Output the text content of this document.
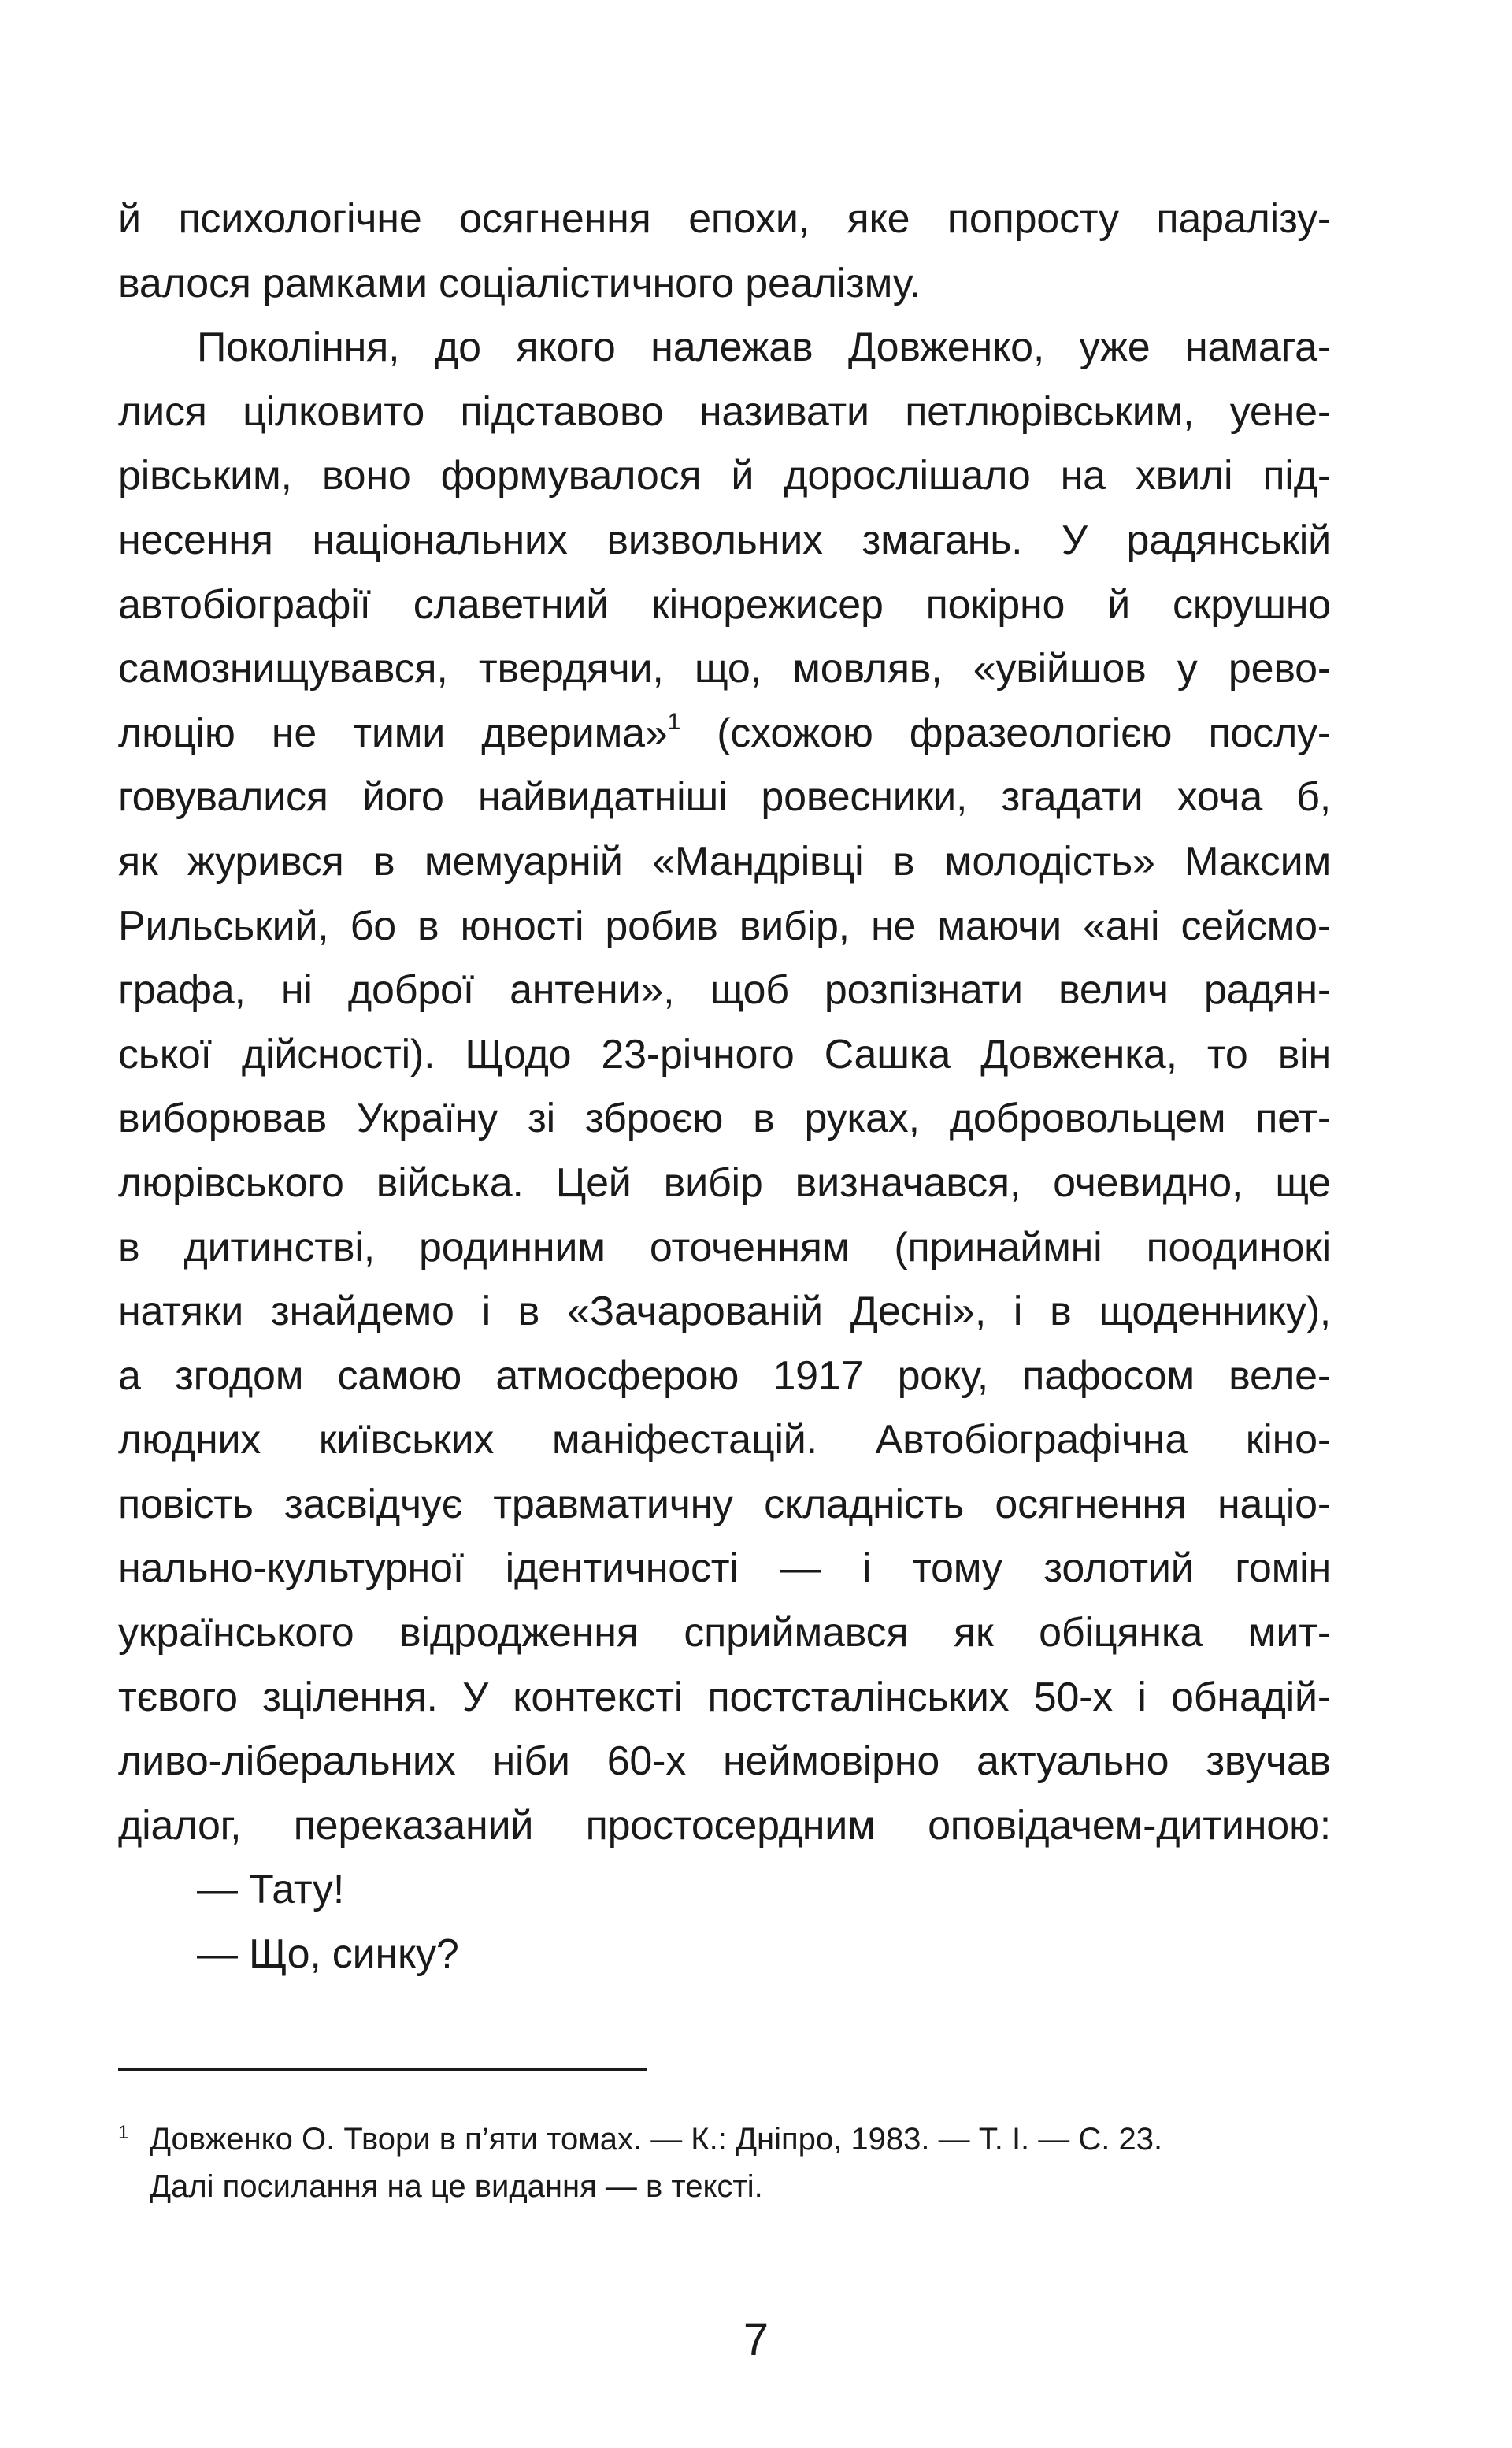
й психологічне осягнення епохи, яке попросту паралізу-
валося рамками соціалістичного реалізму.
Покоління, до якого належав Довженко, уже намага-
лися цілковито підставово називати петлюрівським, уене-
рівським, воно формувалося й дорослішало на хвилі під-
несення національних визвольних змагань. У радянській
автобіографії славетний кінорежисер покірно й скрушно
самознищувався, твердячи, що, мовляв, «увійшов у рево-
люцію не тими дверима»$^1$ (схожою фразеологією послу-
говувалися його найвидатніші ровесники, згадати хоча б,
як журився в мемуарній «Мандрівці в молодість» Максим
Рильський, бо в юності робив вибір, не маючи «ані сейсмо-
графа, ні доброї антени», щоб розпізнати велич радян-
ської дійсності). Щодо 23-річного Сашка Довженка, то він
виборював Україну зі зброєю в руках, добровольцем пет-
люрівського війська. Цей вибір визначався, очевидно, ще
в дитинстві, родинним оточенням (принаймні поодинокі
натяки знайдемо і в «Зачарованій Десні», і в щоденнику),
а згодом самою атмосферою 1917 року, пафосом веле-
людних київських маніфестацій. Автобіографічна кіно-
повість засвідчує травматичну складність осягнення націо-
нально-культурної ідентичності — і тому золотий гомін
українського відродження сприймався як обіцянка мит-
тєвого зцілення. У контексті постсталінських 50-х і обнадій-
ливо-ліберальних ніби 60-х неймовірно актуально звучав
діалог, переказаний простосердним оповідачем-дитиною:
— Тату!
— Що, синку?
1 Довженко О. Твори в п’яти томах. — К.: Дніпро, 1983. — Т. І. — С. 23.
Далі посилання на це видання — в тексті.
7
